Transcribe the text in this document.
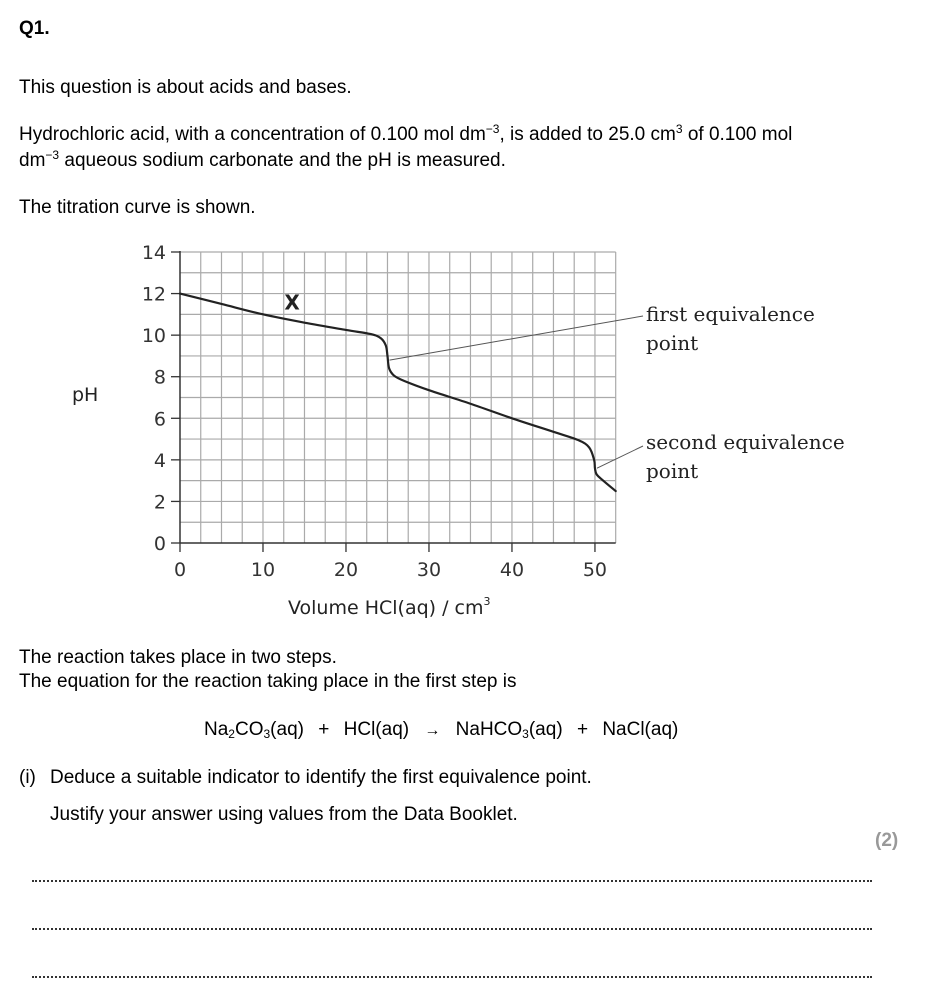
Q1.
This question is about acids and bases.
Hydrochloric acid, with a concentration of 0.100 mol $dm^{-3}$, is added to 25.0 $cm^3$ of 0.100 mol
$dm^{-3}$ aqueous sodium carbonate and the pH is measured.
The titration curve is shown.
0
2
4
6
8
10
12
14
0	10	20	30	40	50
X
pH
Volume $HCl(aq) / cm^3$
first equivalence
point
second equivalence
point
The reaction takes place in two steps.
The equation for the reaction taking place in the first step is
$Na_2CO_3(aq) + HCl(aq)$ → NaHCO$_3$(aq) + NaCl(aq)
(i) Deduce a suitable indicator to identify the first equivalence point.
Justify your answer using values from the Data Booklet.
(2)
